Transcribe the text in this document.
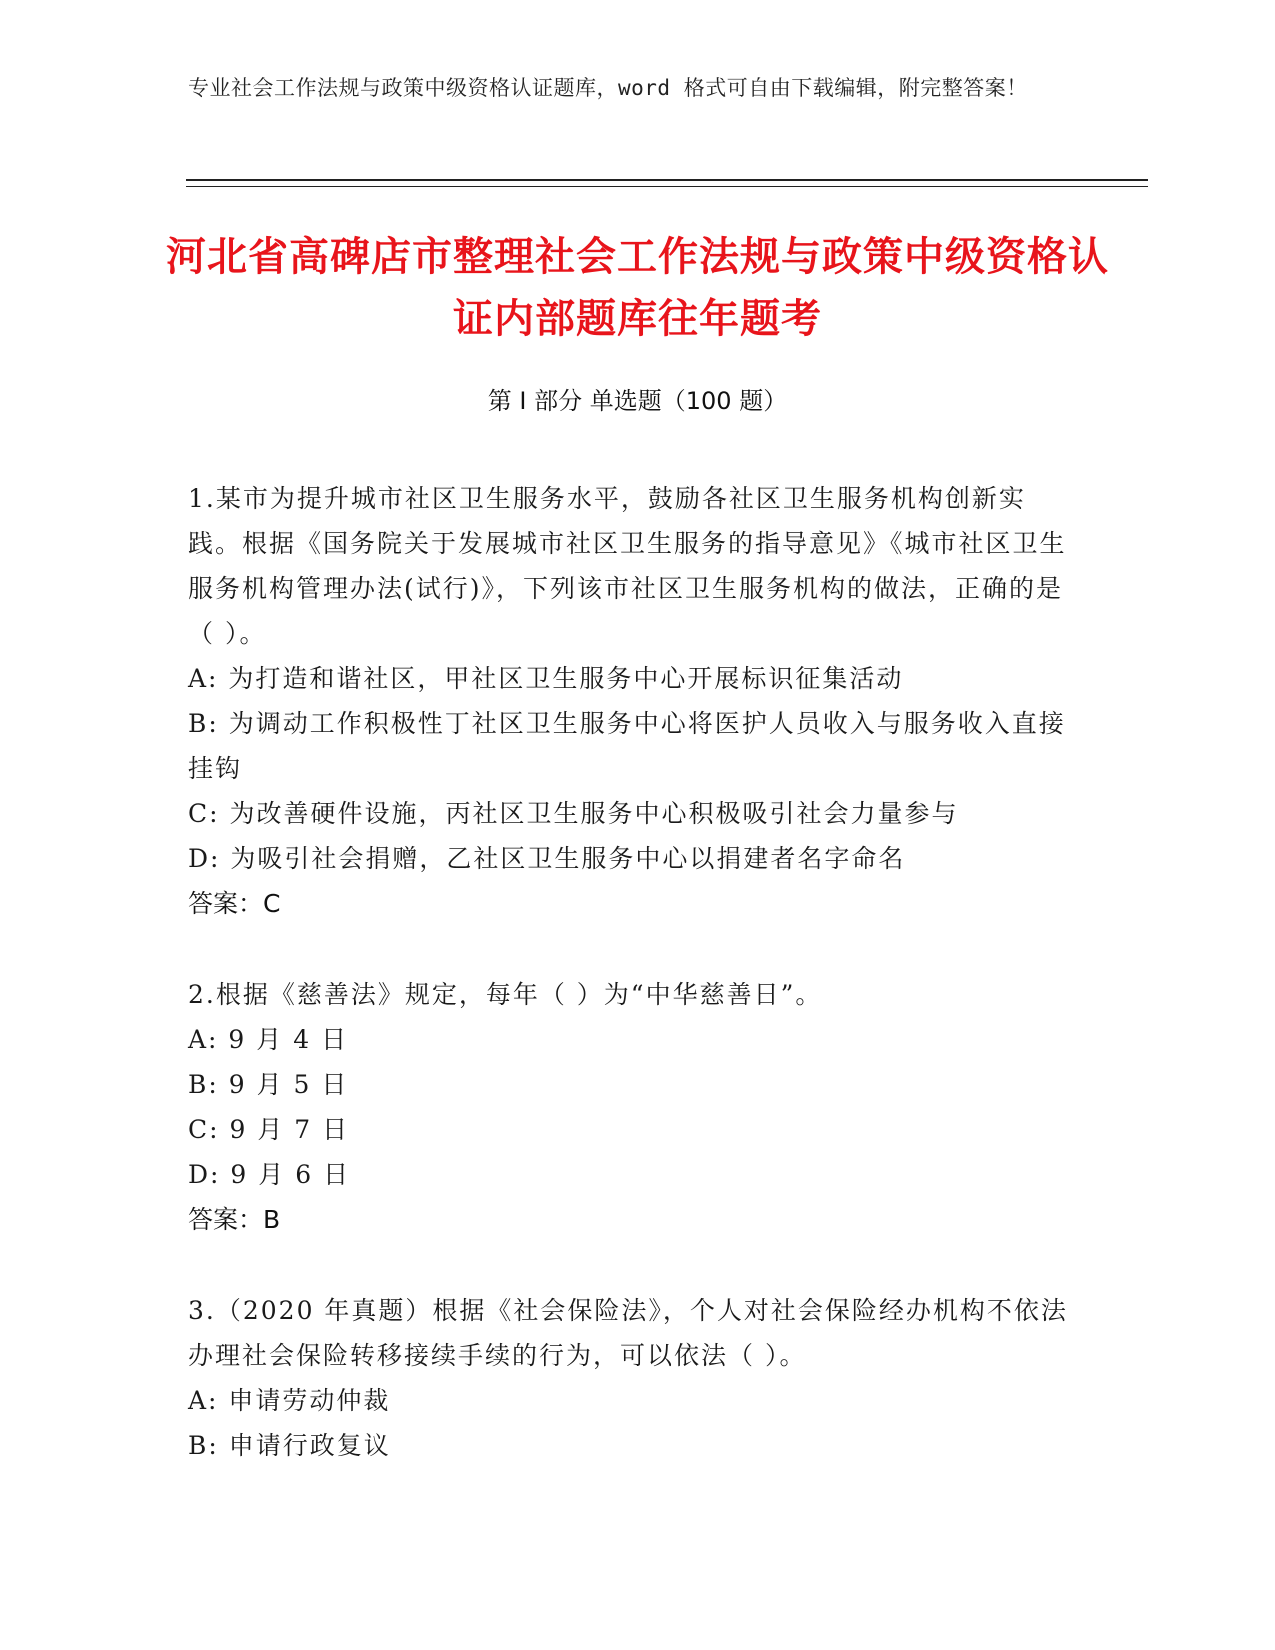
专业社会工作法规与政策中级资格认证题库，word 格式可自由下载编辑，附完整答案！
河北省高碑店市整理社会工作法规与政策中级资格认证内部题库往年题考
第 I 部分 单选题（100 题）

1.某市为提升城市社区卫生服务水平，鼓励各社区卫生服务机构创新实践。根据《国务院关于发展城市社区卫生服务的指导意见》《城市社区卫生服务机构管理办法(试行)》，下列该市社区卫生服务机构的做法，正确的是（ ）。

A: 为打造和谐社区，甲社区卫生服务中心开展标识征集活动

B: 为调动工作积极性丁社区卫生服务中心将医护人员收入与服务收入直接挂钩

C: 为改善硬件设施，丙社区卫生服务中心积极吸引社会力量参与

D: 为吸引社会捐赠，乙社区卫生服务中心以捐建者名字命名

答案：C

2.根据《慈善法》规定，每年（ ）为“中华慈善日”。

A: 9 月 4 日

B: 9 月 5 日

C: 9 月 7 日

D: 9 月 6 日

答案：B

3.（2020 年真题）根据《社会保险法》，个人对社会保险经办机构不依法办理社会保险转移接续手续的行为，可以依法（ ）。

A: 申请劳动仲裁

B: 申请行政复议
